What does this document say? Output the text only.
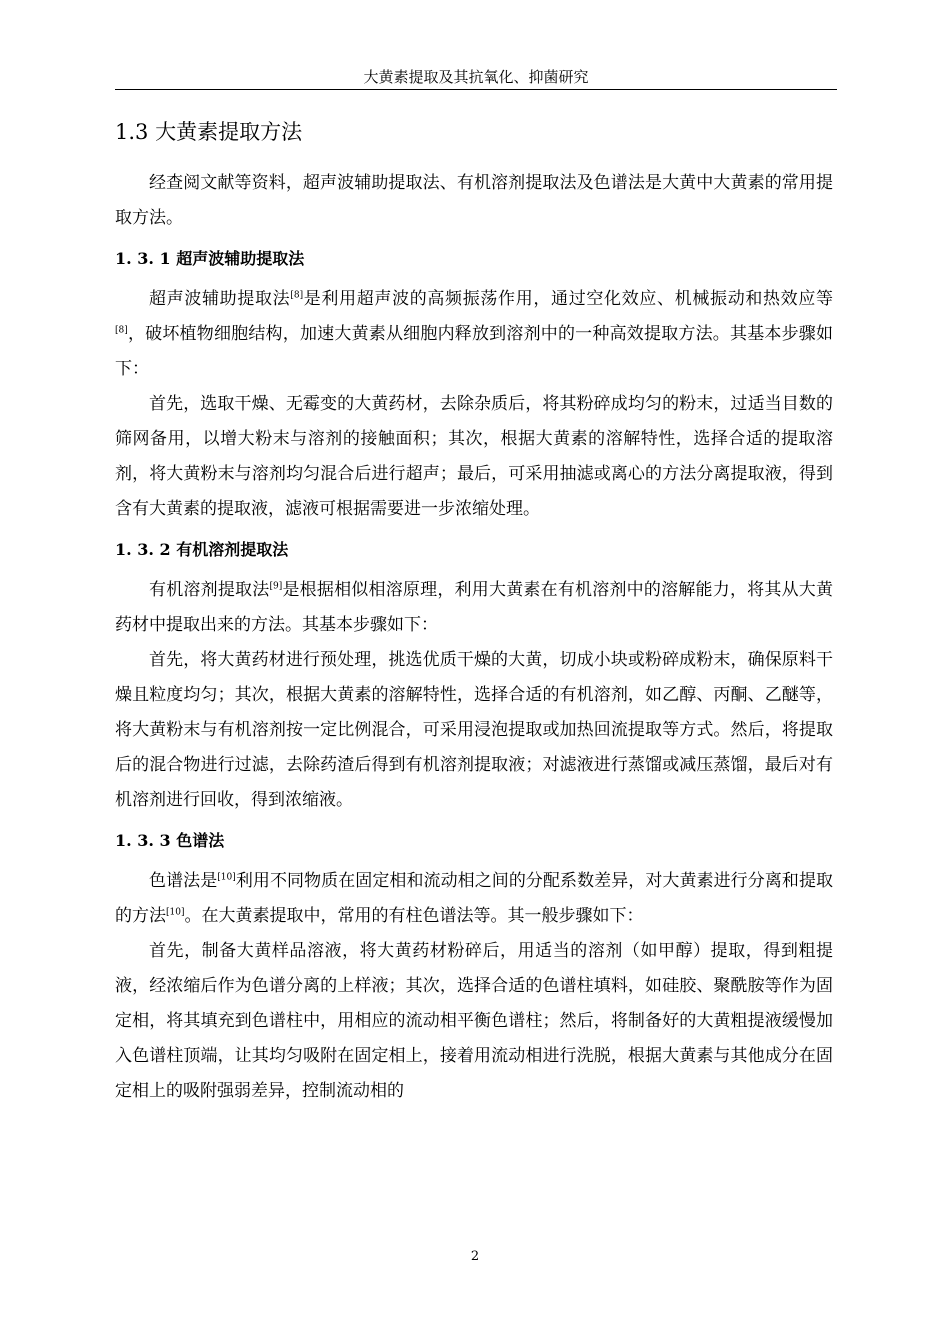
大黄素提取及其抗氧化、抑菌研究
1.3 大黄素提取方法

经查阅文献等资料，超声波辅助提取法、有机溶剂提取法及色谱法是大黄中大黄素的常用提取方法。

1. 3. 1 超声波辅助提取法

超声波辅助提取法[8]是利用超声波的高频振荡作用，通过空化效应、机械振动和热效应等[8]，破坏植物细胞结构，加速大黄素从细胞内释放到溶剂中的一种高效提取方法。其基本步骤如下：

首先，选取干燥、无霉变的大黄药材，去除杂质后，将其粉碎成均匀的粉末，过适当目数的筛网备用，以增大粉末与溶剂的接触面积；其次，根据大黄素的溶解特性，选择合适的提取溶剂，将大黄粉末与溶剂均匀混合后进行超声；最后，可采用抽滤或离心的方法分离提取液，得到含有大黄素的提取液，滤液可根据需要进一步浓缩处理。

1. 3. 2 有机溶剂提取法

有机溶剂提取法[9]是根据相似相溶原理，利用大黄素在有机溶剂中的溶解能力，将其从大黄药材中提取出来的方法。其基本步骤如下：

首先，将大黄药材进行预处理，挑选优质干燥的大黄，切成小块或粉碎成粉末，确保原料干燥且粒度均匀；其次，根据大黄素的溶解特性，选择合适的有机溶剂，如乙醇、丙酮、乙醚等，将大黄粉末与有机溶剂按一定比例混合，可采用浸泡提取或加热回流提取等方式。然后，将提取后的混合物进行过滤，去除药渣后得到有机溶剂提取液；对滤液进行蒸馏或减压蒸馏，最后对有机溶剂进行回收，得到浓缩液。

1. 3. 3 色谱法

色谱法是[10]利用不同物质在固定相和流动相之间的分配系数差异，对大黄素进行分离和提取的方法[10]。在大黄素提取中，常用的有柱色谱法等。其一般步骤如下：

首先，制备大黄样品溶液，将大黄药材粉碎后，用适当的溶剂（如甲醇）提取，得到粗提液，经浓缩后作为色谱分离的上样液；其次，选择合适的色谱柱填料，如硅胶、聚酰胺等作为固定相，将其填充到色谱柱中，用相应的流动相平衡色谱柱；然后，将制备好的大黄粗提液缓慢加入色谱柱顶端，让其均匀吸附在固定相上，接着用流动相进行洗脱，根据大黄素与其他成分在固定相上的吸附强弱差异，控制流动相的

2
